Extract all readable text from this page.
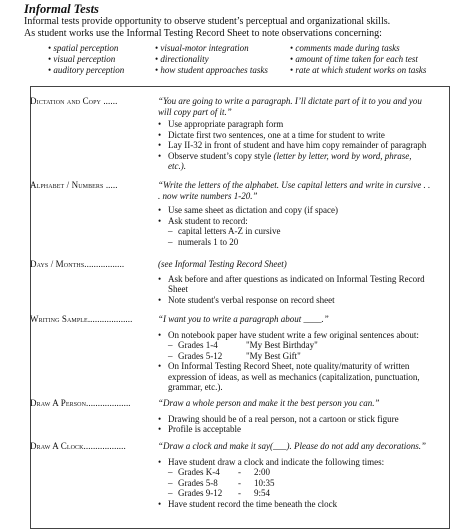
Informal Tests
Informal tests provide opportunity to observe student’s perceptual and organizational skills.
As student works use the Informal Testing Record Sheet to note observations concerning:
• spatial perception
• visual perception
• auditory perception
• visual-motor integration
• directionality
• how student approaches tasks
• comments made during tasks
• amount of time taken for each test
• rate at which student works on tasks
Dictation and Copy ......	“You are going to write a paragraph. I’ll dictate part of it to you and you
will copy part of it.”
• Use appropriate paragraph form
• Dictate first two sentences, one at a time for student to write
• Lay II-32 in front of student and have him copy remainder of paragraph
• Observe student’s copy style (letter by letter, word by word, phrase,
etc.).
Alphabet / Numbers .....	“Write the letters of the alphabet. Use capital letters and write in cursive . .
. now write numbers 1-20.”
• Use same sheet as dictation and copy (if space)
• Ask student to record:
– capital letters A-Z in cursive
– numerals 1 to 20
Days / Months.................	(see Informal Testing Record Sheet)
• Ask before and after questions as indicated on Informal Testing Record
Sheet
• Note student's verbal response on record sheet
Writing Sample...................	“I want you to write a paragraph about ____.”
• On notebook paper have student write a few original sentences about:
– Grades 1-4	"My Best Birthday"
– Grades 5-12	"My Best Gift"
• On Informal Testing Record Sheet, note quality/maturity of written
expression of ideas, as well as mechanics (capitalization, punctuation,
grammar, etc.).
Draw A Person...................	“Draw a whole person and make it the best person you can.”
• Drawing should be of a real person, not a cartoon or stick figure
• Profile is acceptable
Draw A Clock..................	“Draw a clock and make it say(___). Please do not add any decorations.”
• Have student draw a clock and indicate the following times:
– Grades K-4	-	2:00
– Grades 5-8	-	10:35
– Grades 9-12	-	9:54
• Have student record the time beneath the clock
